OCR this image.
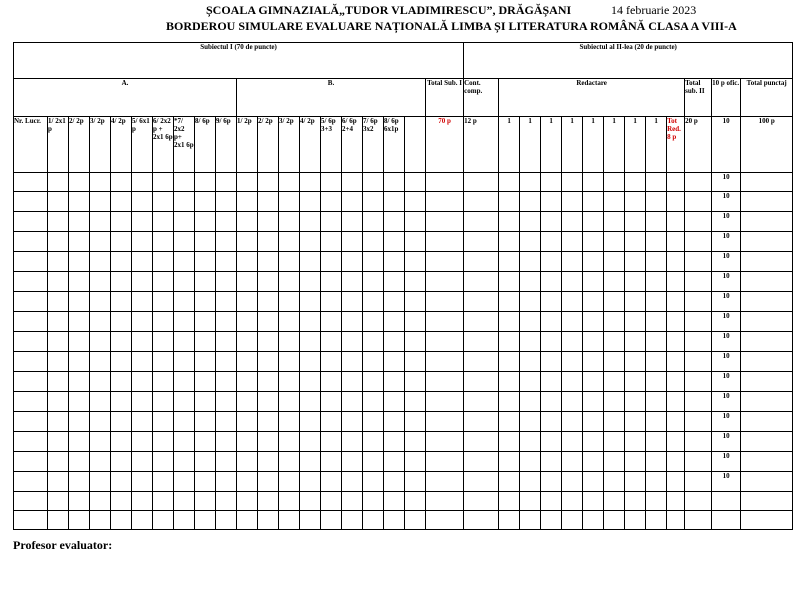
ȘCOALA GIMNAZIALĂ„TUDOR VLADIMIRESCU”, DRĂGĂȘANI	14 februarie 2023
BORDEROU SIMULARE EVALUARE NAȚIONALĂ LIMBA ȘI LITERATURA ROMÂNĂ CLASA A VIII-A
Subiectul I (70 de puncte)																				Subiectul al II-lea (20 de puncte)												
A.										B.									Total Sub. I	Cont. comp.	Redactare									Total sub. II	10 p ofic.	Total punctaj
Nr. Lucr.	1/ 2x1 p	2/ 2p	3/ 2p	4/ 2p	5/ 6x1 p	6/ 2x2 p + 2x1 6p	*7/ 2x2 p+ 2x1 6p	8/ 6p	9/ 6p	1/ 2p	2/ 2p	3/ 2p	4/ 2p	5/ 6p 3+3	6/ 6p 2+4	7/ 6p 3x2	8/ 6p 6x1p		70 p	12 p	1	1	1	1	1	1	1	1	Tot Red. 8 p	20 p	10	100 p
																															10	
																															10	
																															10	
																															10	
																															10	
																															10	
																															10	
																															10	
																															10	
																															10	
																															10	
																															10	
																															10	
																															10	
																															10	
																															10	

Profesor evaluator:
